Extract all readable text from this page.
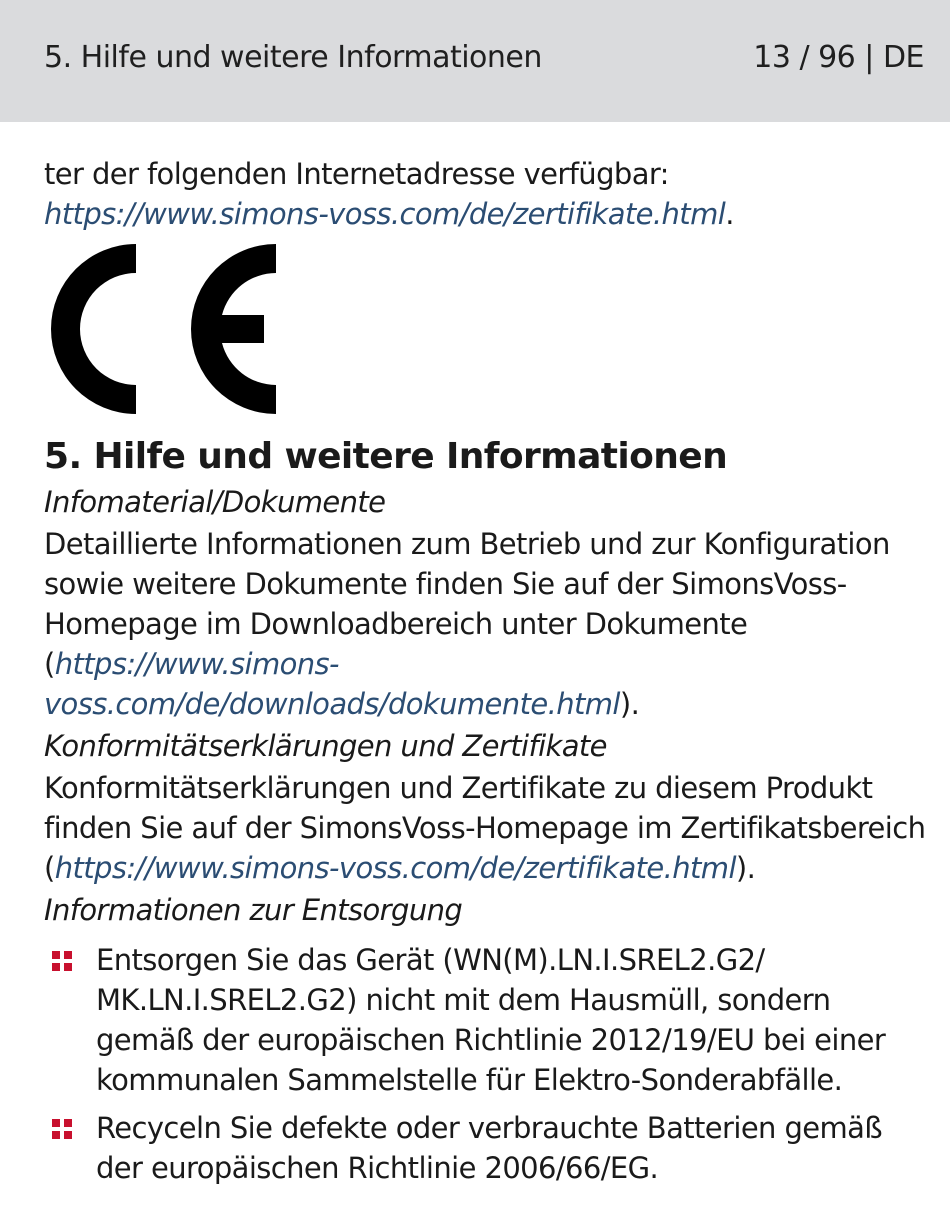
5. Hilfe und weitere Informationen	13 / 96 | DE

ter der folgenden Internetadresse verfügbar: https://www.simons-voss.com/de/zertifikate.html.

5. Hilfe und weitere Informationen
Infomaterial/Dokumente

Detaillierte Informationen zum Betrieb und zur Konfiguration sowie weitere Dokumente finden Sie auf der SimonsVoss-Homepage im Downloadbereich unter Dokumente (https://www.simons-voss.com/de/downloads/dokumente.html).

Konformitätserklärungen und Zertifikate

Konformitätserklärungen und Zertifikate zu diesem Produkt finden Sie auf der SimonsVoss-Homepage im Zertifikatsbereich (https://www.simons-voss.com/de/zertifikate.html).

Informationen zur Entsorgung
Entsorgen Sie das Gerät (WN(M).LN.I.SREL2.G2/ MK.LN.I.SREL2.G2) nicht mit dem Hausmüll, sondern gemäß der europäischen Richtlinie 2012/19/EU bei einer kommunalen Sammelstelle für Elektro-Sonderabfälle.
Recyceln Sie defekte oder verbrauchte Batterien gemäß der europäischen Richtlinie 2006/66/EG.
